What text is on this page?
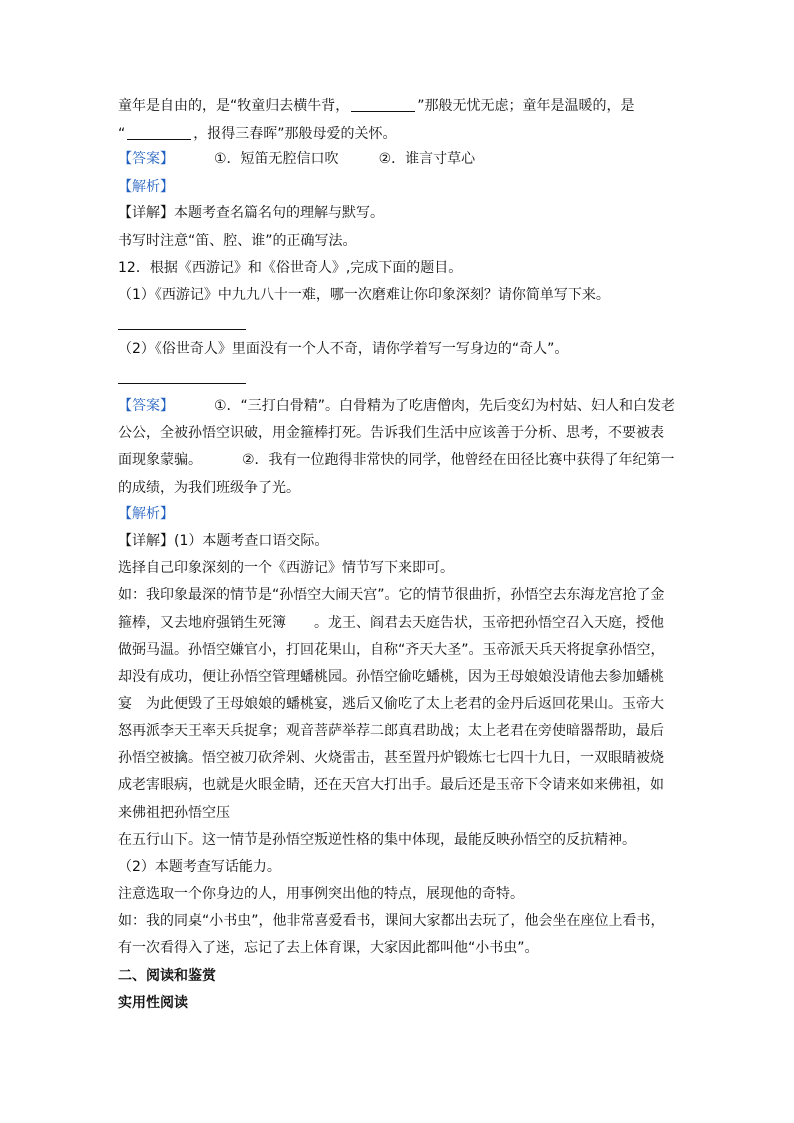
童年是自由的，是“牧童归去横牛背，	”那般无忧无虑；童年是温暖的，是
“	，报得三春晖”那般母爱的关怀。
【答案】	①．短笛无腔信口吹	②．谁言寸草心
【解析】
【详解】本题考查名篇名句的理解与默写。
书写时注意“笛、腔、谁”的正确写法。
12．根据《西游记》和《俗世奇人》,完成下面的题目。
（1）《西游记》中九九八十一难，哪一次磨难让你印象深刻？请你简单写下来。
（2）《俗世奇人》里面没有一个人不奇，请你学着写一写身边的“奇人”。
【答案】	①．“三打白骨精”。白骨精为了吃唐僧肉，先后变幻为村姑、妇人和白发老
公公，全被孙悟空识破，用金箍棒打死。告诉我们生活中应该善于分析、思考，不要被表
面现象蒙骗。	②．我有一位跑得非常快的同学，他曾经在田径比赛中获得了年纪第一
的成绩，为我们班级争了光。
【解析】
【详解】(1）本题考查口语交际。
选择自己印象深刻的一个《西游记》情节写下来即可。
如：我印象最深的情节是“孙悟空大闹天宫”。它的情节很曲折，孙悟空去东海龙宫抢了金
箍棒，又去地府强销生死簿　　。龙王、阎君去天庭告状，玉帝把孙悟空召入天庭，授他
做弼马温。孙悟空嫌官小，打回花果山，自称“齐天大圣”。玉帝派天兵天将捉拿孙悟空，
却没有成功，便让孙悟空管理蟠桃园。孙悟空偷吃蟠桃，因为王母娘娘没请他去参加蟠桃
宴　为此便毁了王母娘娘的蟠桃宴，逃后又偷吃了太上老君的金丹后返回花果山。玉帝大
怒再派李天王率天兵捉拿；观音菩萨举荐二郎真君助战；太上老君在旁使暗器帮助，最后
孙悟空被擒。悟空被刀砍斧剁、火烧雷击，甚至置丹炉锻炼七七四十九日，一双眼睛被烧
成老害眼病，也就是火眼金睛，还在天宫大打出手。最后还是玉帝下令请来如来佛祖，如
来佛祖把孙悟空压
在五行山下。这一情节是孙悟空叛逆性格的集中体现，最能反映孙悟空的反抗精神。
（2）本题考查写话能力。
注意选取一个你身边的人，用事例突出他的特点，展现他的奇特。
如：我的同桌“小书虫”，他非常喜爱看书，课间大家都出去玩了，他会坐在座位上看书，
有一次看得入了迷，忘记了去上体育课，大家因此都叫他“小书虫”。
二、阅读和鉴赏
实用性阅读
